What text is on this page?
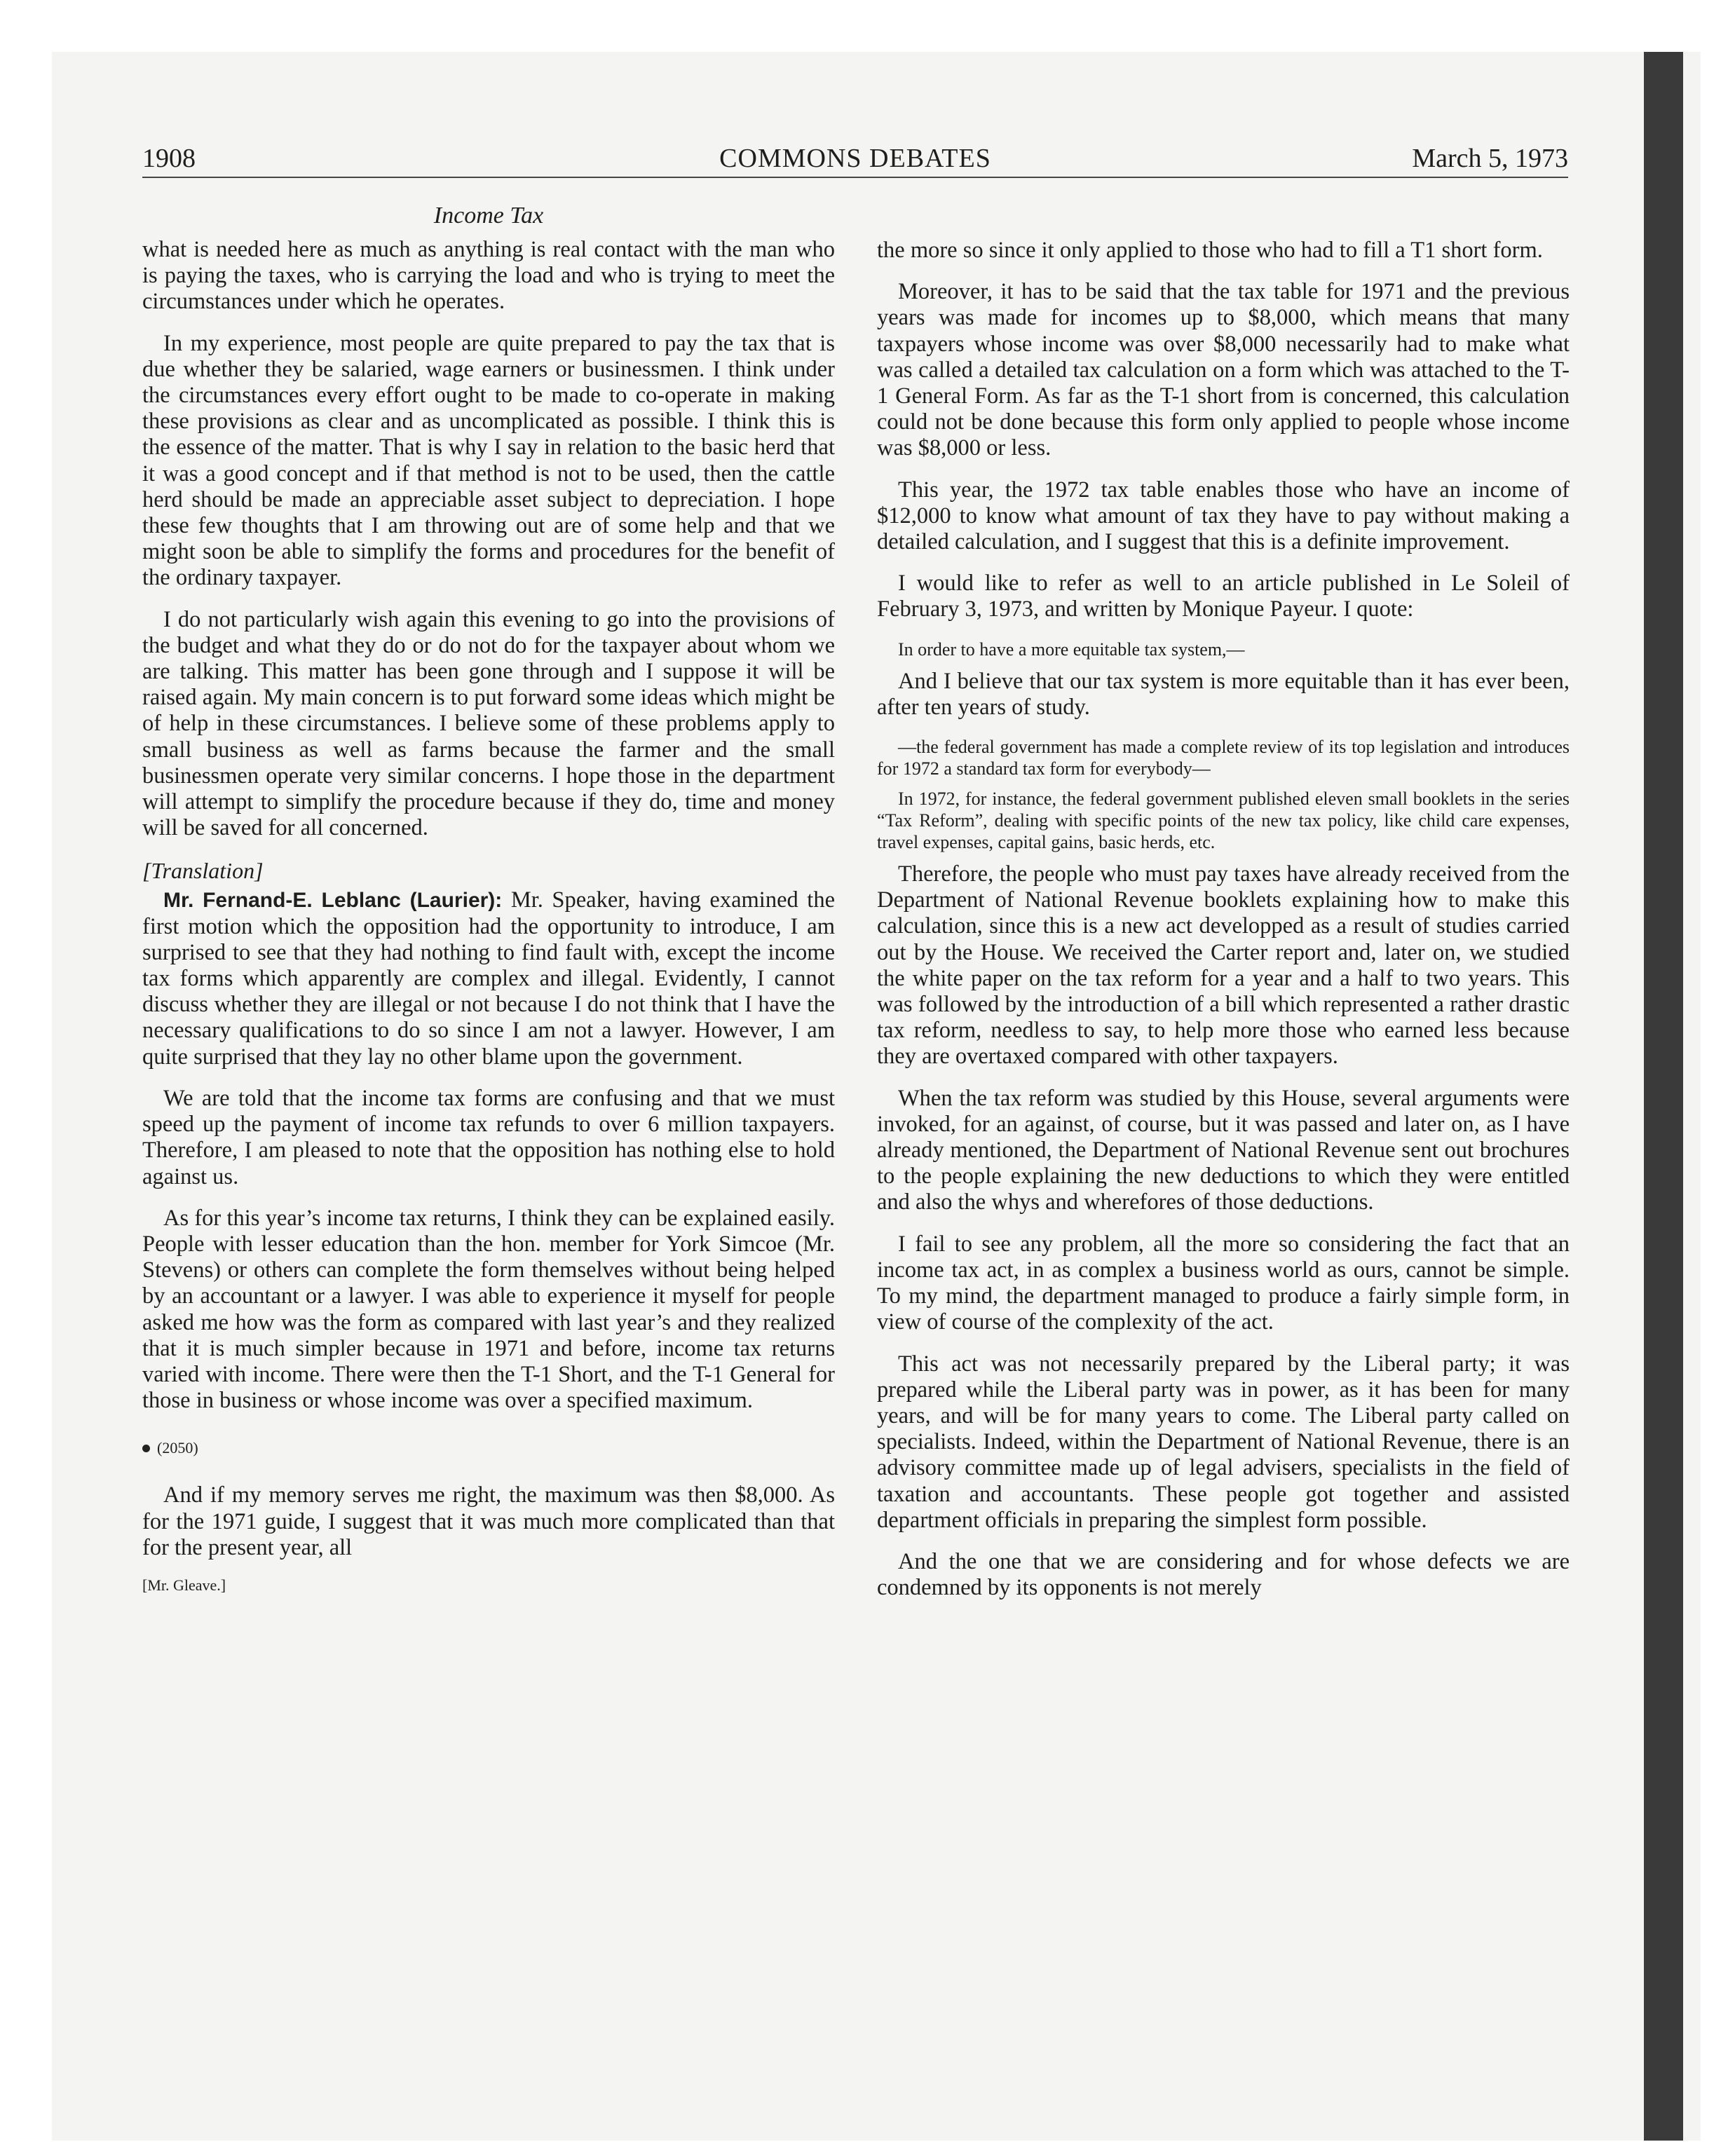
1908	COMMONS DEBATES	March 5, 1973
Income Tax

what is needed here as much as anything is real contact with the man who is paying the taxes, who is carrying the load and who is trying to meet the circumstances under which he operates.

In my experience, most people are quite prepared to pay the tax that is due whether they be salaried, wage earners or businessmen. I think under the circumstances every effort ought to be made to co-operate in making these provisions as clear and as uncomplicated as possible. I think this is the essence of the matter. That is why I say in relation to the basic herd that it was a good concept and if that method is not to be used, then the cattle herd should be made an appreciable asset subject to depreciation. I hope these few thoughts that I am throwing out are of some help and that we might soon be able to simplify the forms and procedures for the benefit of the ordinary taxpayer.

I do not particularly wish again this evening to go into the provisions of the budget and what they do or do not do for the taxpayer about whom we are talking. This matter has been gone through and I suppose it will be raised again. My main concern is to put forward some ideas which might be of help in these circumstances. I believe some of these problems apply to small business as well as farms because the farmer and the small businessmen operate very similar concerns. I hope those in the department will attempt to simplify the procedure because if they do, time and money will be saved for all concerned.

[Translation]

Mr. Fernand-E. Leblanc (Laurier): Mr. Speaker, having examined the first motion which the opposition had the opportunity to introduce, I am surprised to see that they had nothing to find fault with, except the income tax forms which apparently are complex and illegal. Evidently, I cannot discuss whether they are illegal or not because I do not think that I have the necessary qualifications to do so since I am not a lawyer. However, I am quite surprised that they lay no other blame upon the government.

We are told that the income tax forms are confusing and that we must speed up the payment of income tax refunds to over 6 million taxpayers. Therefore, I am pleased to note that the opposition has nothing else to hold against us.

As for this year’s income tax returns, I think they can be explained easily. People with lesser education than the hon. member for York Simcoe (Mr. Stevens) or others can complete the form themselves without being helped by an accountant or a lawyer. I was able to experience it myself for people asked me how was the form as compared with last year’s and they realized that it is much simpler because in 1971 and before, income tax returns varied with income. There were then the T-1 Short, and the T-1 General for those in business or whose income was over a specified maximum.

(2050)

And if my memory serves me right, the maximum was then $8,000. As for the 1971 guide, I suggest that it was much more complicated than that for the present year, all

[Mr. Gleave.]

the more so since it only applied to those who had to fill a T1 short form.

Moreover, it has to be said that the tax table for 1971 and the previous years was made for incomes up to $8,000, which means that many taxpayers whose income was over $8,000 necessarily had to make what was called a detailed tax calculation on a form which was attached to the T-1 General Form. As far as the T-1 short from is concerned, this calculation could not be done because this form only applied to people whose income was $8,000 or less.

This year, the 1972 tax table enables those who have an income of $12,000 to know what amount of tax they have to pay without making a detailed calculation, and I suggest that this is a definite improvement.

I would like to refer as well to an article published in Le Soleil of February 3, 1973, and written by Monique Payeur. I quote:

In order to have a more equitable tax system,—

And I believe that our tax system is more equitable than it has ever been, after ten years of study.

—the federal government has made a complete review of its top legislation and introduces for 1972 a standard tax form for everybody—

In 1972, for instance, the federal government published eleven small booklets in the series “Tax Reform”, dealing with specific points of the new tax policy, like child care expenses, travel expenses, capital gains, basic herds, etc.

Therefore, the people who must pay taxes have already received from the Department of National Revenue booklets explaining how to make this calculation, since this is a new act developped as a result of studies carried out by the House. We received the Carter report and, later on, we studied the white paper on the tax reform for a year and a half to two years. This was followed by the introduction of a bill which represented a rather drastic tax reform, needless to say, to help more those who earned less because they are overtaxed compared with other taxpayers.

When the tax reform was studied by this House, several arguments were invoked, for an against, of course, but it was passed and later on, as I have already mentioned, the Department of National Revenue sent out brochures to the people explaining the new deductions to which they were entitled and also the whys and wherefores of those deductions.

I fail to see any problem, all the more so considering the fact that an income tax act, in as complex a business world as ours, cannot be simple. To my mind, the department managed to produce a fairly simple form, in view of course of the complexity of the act.

This act was not necessarily prepared by the Liberal party; it was prepared while the Liberal party was in power, as it has been for many years, and will be for many years to come. The Liberal party called on specialists. Indeed, within the Department of National Revenue, there is an advisory committee made up of legal advisers, specialists in the field of taxation and accountants. These people got together and assisted department officials in preparing the simplest form possible.

And the one that we are considering and for whose defects we are condemned by its opponents is not merely
